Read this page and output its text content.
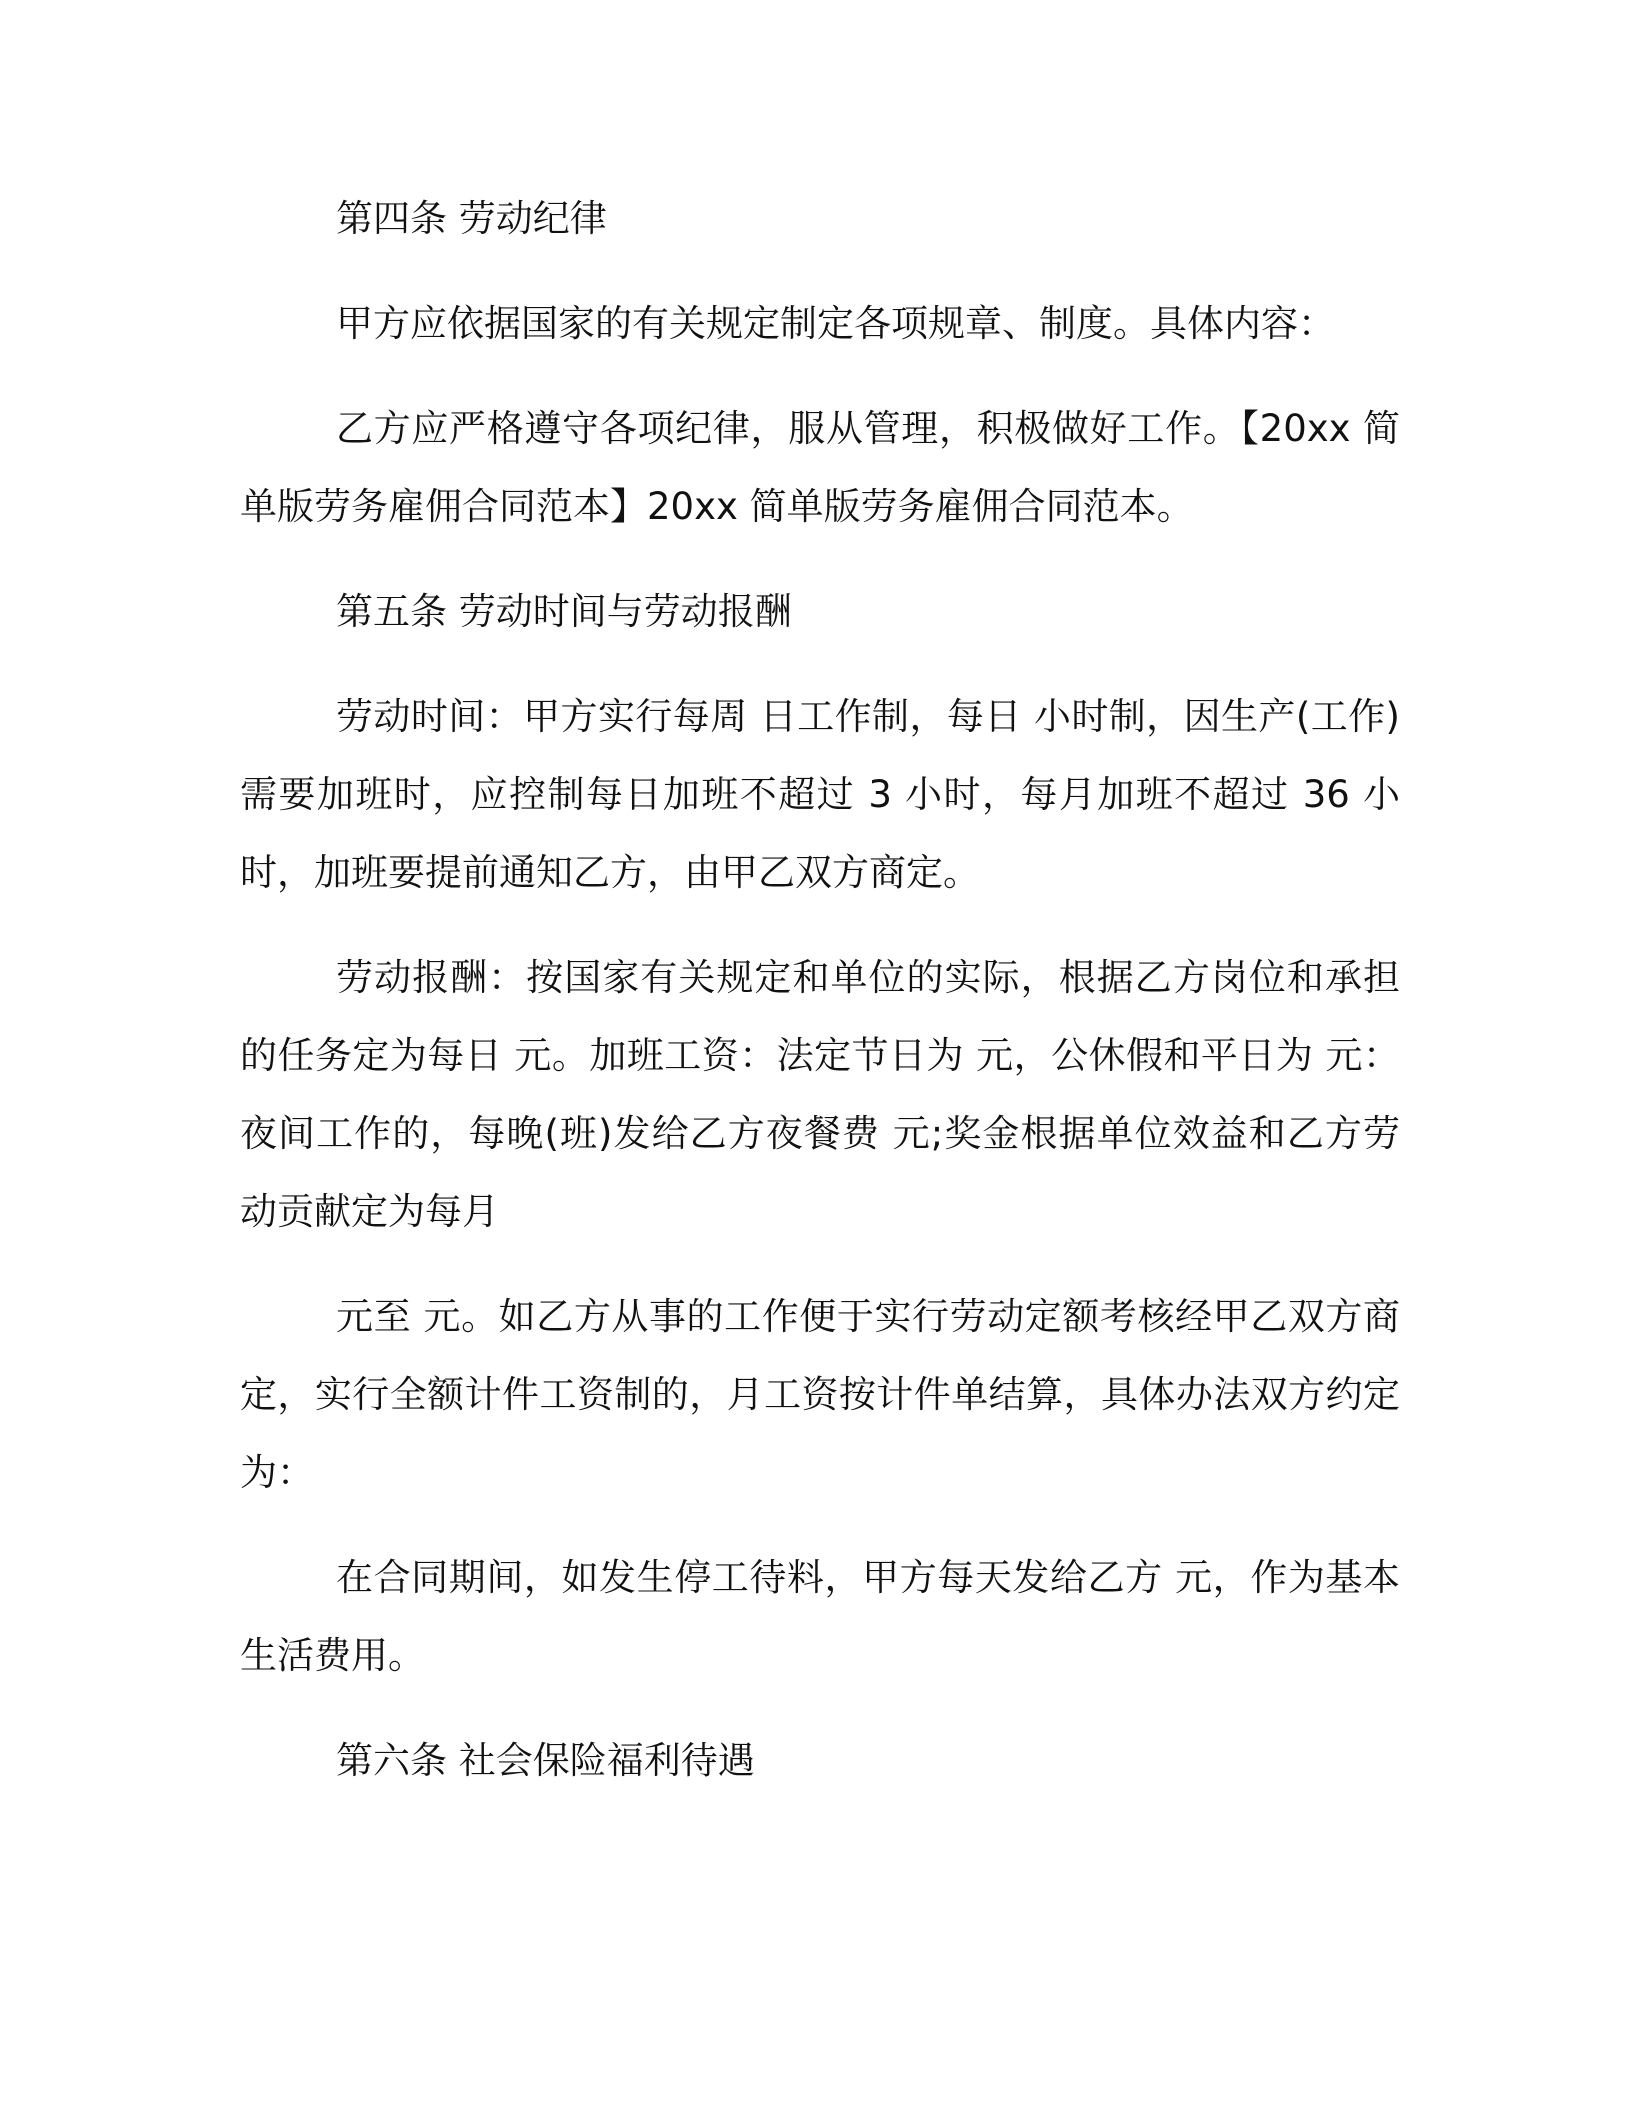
第四条 劳动纪律

甲方应依据国家的有关规定制定各项规章、制度。具体内容：

乙方应严格遵守各项纪律，服从管理，积极做好工作。【20xx 简单版劳务雇佣合同范本】20xx 简单版劳务雇佣合同范本。

第五条 劳动时间与劳动报酬

劳动时间：甲方实行每周 日工作制，每日 小时制，因生产(工作)需要加班时，应控制每日加班不超过 3 小时，每月加班不超过 36 小时，加班要提前通知乙方，由甲乙双方商定。

劳动报酬：按国家有关规定和单位的实际，根据乙方岗位和承担的任务定为每日 元。加班工资：法定节日为 元，公休假和平日为 元：夜间工作的，每晚(班)发给乙方夜餐费 元;奖金根据单位效益和乙方劳动贡献定为每月

元至 元。如乙方从事的工作便于实行劳动定额考核经甲乙双方商定，实行全额计件工资制的，月工资按计件单结算，具体办法双方约定为：

在合同期间，如发生停工待料，甲方每天发给乙方 元，作为基本生活费用。

第六条 社会保险福利待遇
